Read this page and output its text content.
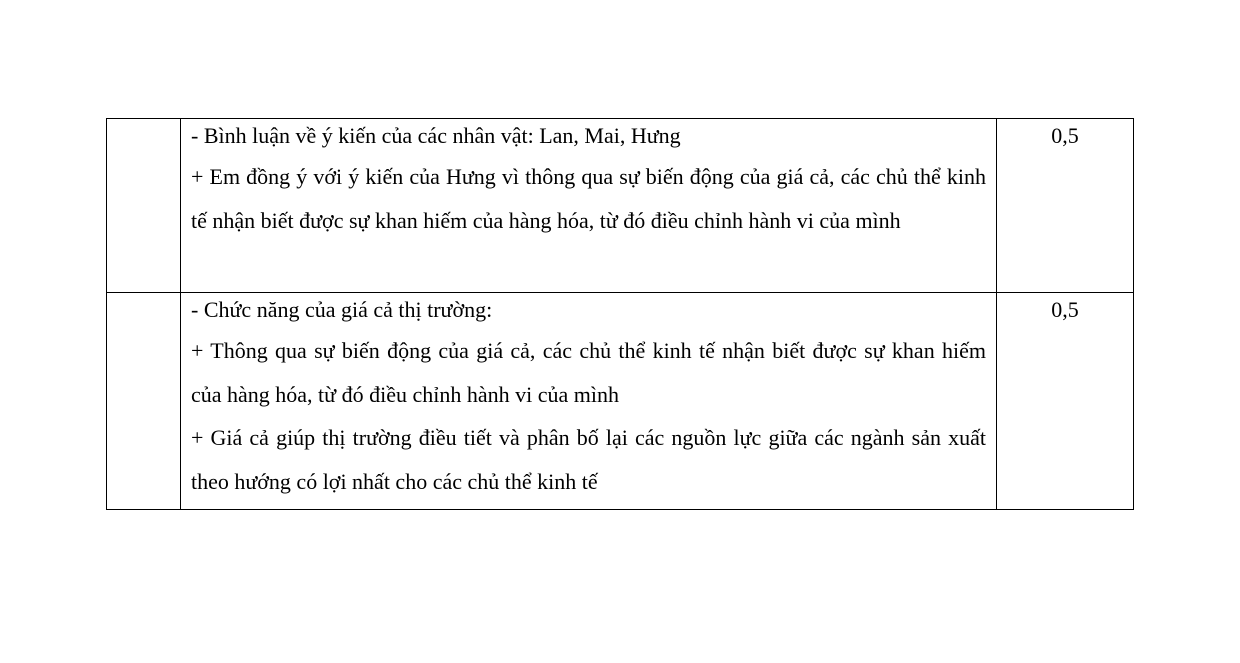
	- Bình luận về ý kiến của các nhân vật: Lan, Mai, Hưng

+ Em đồng ý với ý kiến của Hưng vì thông qua sự biến động của giá cả, các chủ thể kinh tế nhận biết được sự khan hiếm của hàng hóa, từ đó điều chỉnh hành vi của mình	0,5

	- Chức năng của giá cả thị trường:

+ Thông qua sự biến động của giá cả, các chủ thể kinh tế nhận biết được sự khan hiếm của hàng hóa, từ đó điều chỉnh hành vi của mình

+ Giá cả giúp thị trường điều tiết và phân bố lại các nguồn lực giữa các ngành sản xuất theo hướng có lợi nhất cho các chủ thể kinh tế	0,5
